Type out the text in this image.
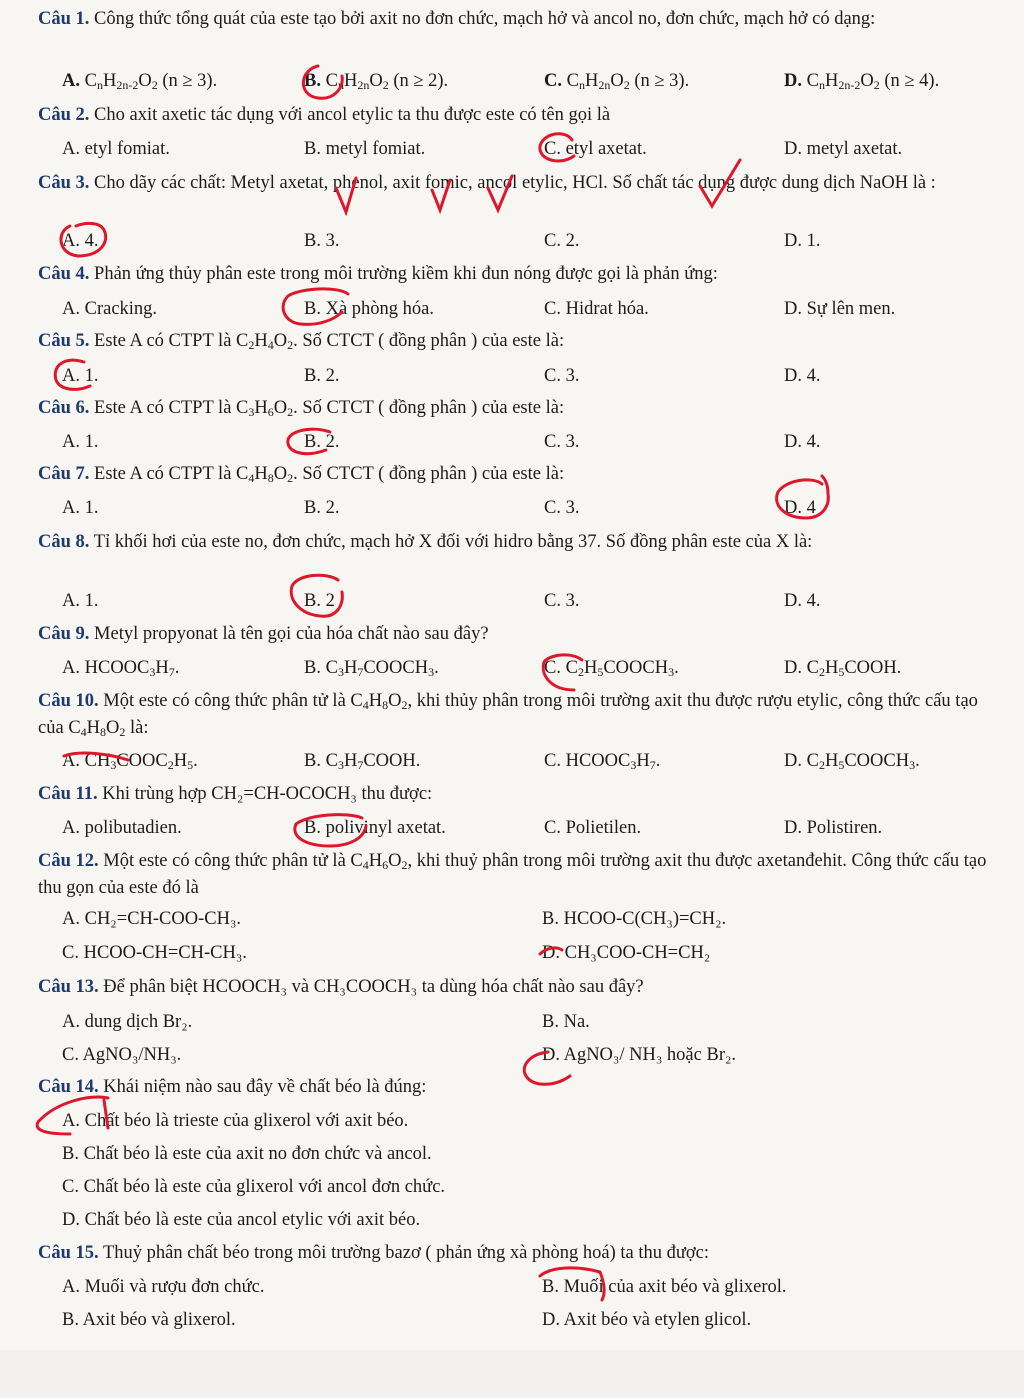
Câu 1. Công thức tổng quát của este tạo bởi axit no đơn chức, mạch hở và ancol no, đơn chức, mạch hở có dạng:
A. $C_nH_{2n-2}O_2$ (n ≥ 3).	B. $C_nH_{2n}O_2$ (n ≥ 2).	C. $C_nH_{2n}O_2$ (n ≥ 3).	D. $C_nH_{2n-2}O_2$ (n ≥ 4).
Câu 2. Cho axit axetic tác dụng với ancol etylic ta thu được este có tên gọi là
A. etyl fomiat.	B. metyl fomiat.	C. etyl axetat.	D. metyl axetat.
Câu 3. Cho dãy các chất: Metyl axetat, phenol, axit fomic, ancol etylic, HCl. Số chất tác dụng được dung dịch NaOH là :
A. 4.	B. 3.	C. 2.	D. 1.
Câu 4. Phản ứng thủy phân este trong môi trường kiềm khi đun nóng được gọi là phản ứng:
A. Cracking.	B. Xà phòng hóa.	C. Hidrat hóa.	D. Sự lên men.
Câu 5. Este A có CTPT là $C_2H_4O_2$. Số CTCT ( đồng phân ) của este là:
A. 1.	B. 2.	C. 3.	D. 4.
Câu 6. Este A có CTPT là $C_3H_6O_2$. Số CTCT ( đồng phân ) của este là:
A. 1.	B. 2.	C. 3.	D. 4.
Câu 7. Este A có CTPT là $C_4H_8O_2$. Số CTCT ( đồng phân ) của este là:
A. 1.	B. 2.	C. 3.	D. 4
Câu 8. Tỉ khối hơi của este no, đơn chức, mạch hở X đối với hidro bằng 37. Số đồng phân este của X là:
A. 1.	B. 2	C. 3.	D. 4.
Câu 9. Metyl propyonat là tên gọi của hóa chất nào sau đây?
A. $HCOOC_3H_7$.	B. $C_3H_7COOCH_3$.	C. $C_2H_5COOCH_3$.	D. $C_2H_5COOH$.
Câu 10. Một este có công thức phân tử là $C_4H_8O_2$, khi thủy phân trong môi trường axit thu được rượu etylic, công thức cấu tạo của $C_4H_8O_2$ là:
A. $CH_3COOC_2H_5$.	B. $C_3H_7COOH$.	C. $HCOOC_3H_7$.	D. $C_2H_5COOCH_3$.
Câu 11. Khi trùng hợp CH₂=CH-OCOCH₃ thu được:
A. polibutadien.	B. polivinyl axetat.	C. Polietilen.	D. Polistiren.
Câu 12. Một este có công thức phân tử là $C_4H_6O_2$, khi thuỷ phân trong môi trường axit thu được axetanđehit. Công thức cấu tạo thu gọn của este đó là
A. CH₂=CH-COO-CH₃.	B. HCOO-C(CH₃)=CH₂.
C. HCOO-CH=CH-CH₃.	D. CH₃COO-CH=CH₂
Câu 13. Để phân biệt HCOOCH₃ và CH₃COOCH₃ ta dùng hóa chất nào sau đây?
A. dung dịch Br₂.	B. Na.
C. AgNO₃/NH₃.	D. AgNO₃/ NH₃ hoặc Br₂.
Câu 14. Khái niệm nào sau đây về chất béo là đúng:
A. Chất béo là trieste của glixerol với axit béo.
B. Chất béo là este của axit no đơn chức và ancol.
C. Chất béo là este của glixerol với ancol đơn chức.
D. Chất béo là este của ancol etylic với axit béo.
Câu 15. Thuỷ phân chất béo trong môi trường bazơ ( phản ứng xà phòng hoá) ta thu được:
A. Muối và rượu đơn chức.	B. Muối của axit béo và glixerol.
B. Axit béo và glixerol.	D. Axit béo và etylen glicol.
